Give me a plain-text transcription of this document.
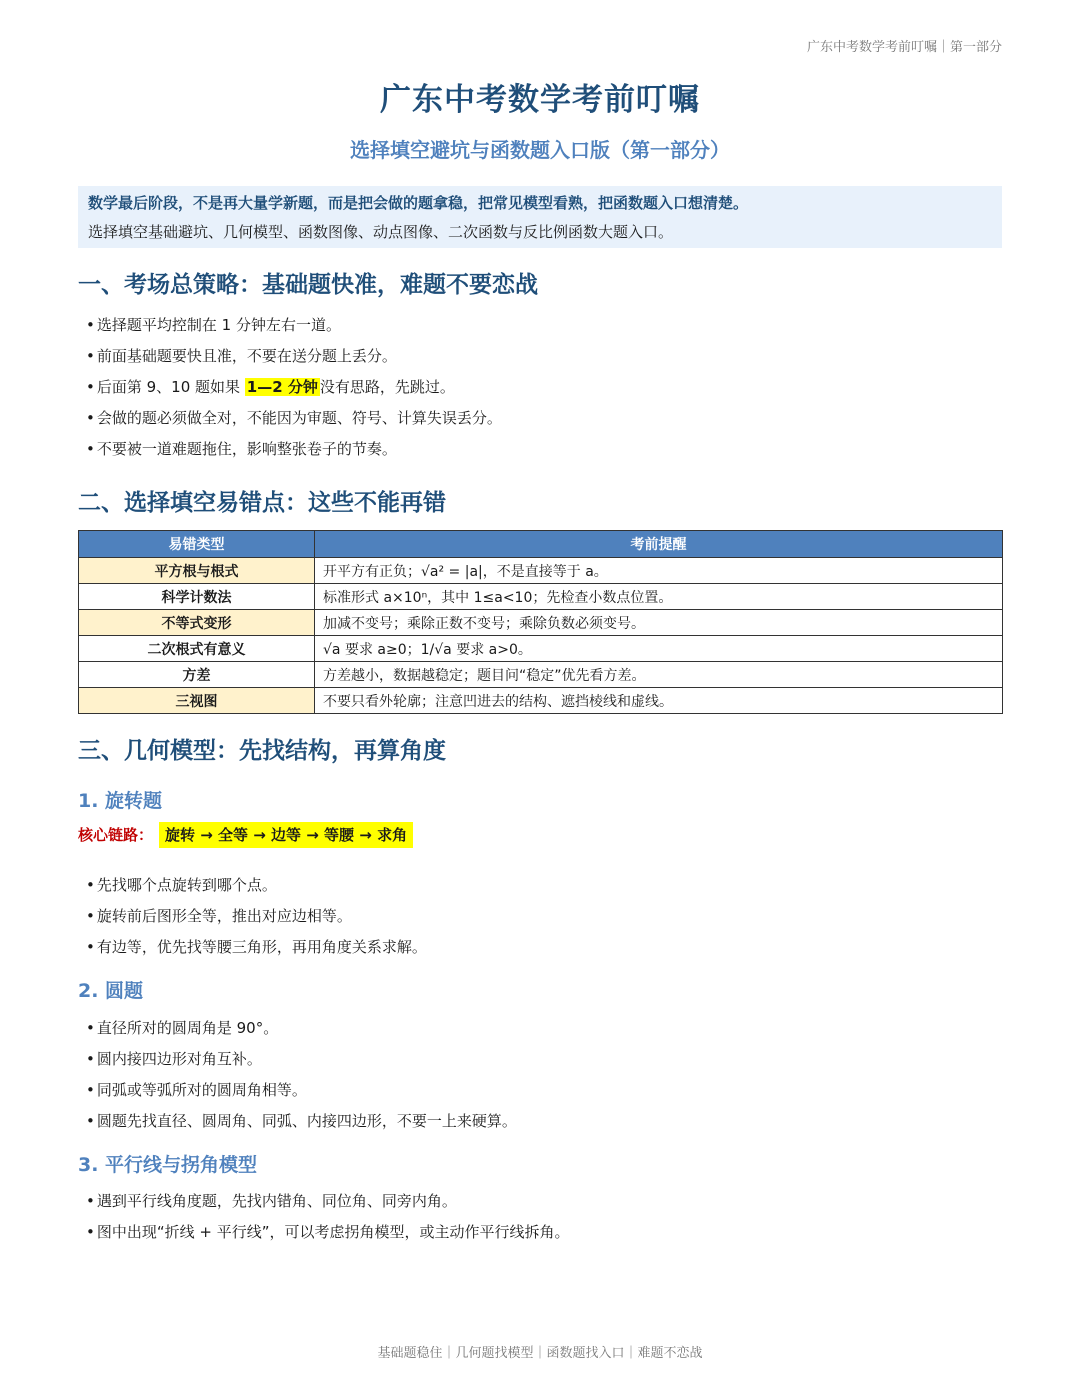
广东中考数学考前叮嘱｜第一部分
广东中考数学考前叮嘱
选择填空避坑与函数题入口版（第一部分）
数学最后阶段，不是再大量学新题，而是把会做的题拿稳，把常见模型看熟，把函数题入口想清楚。
选择填空基础避坑、几何模型、函数图像、动点图像、二次函数与反比例函数大题入口。
一、考场总策略：基础题快准，难题不要恋战
• 选择题平均控制在 1 分钟左右一道。
• 前面基础题要快且准，不要在送分题上丢分。
• 后面第 9、10 题如果 1—2 分钟 没有思路，先跳过。
• 会做的题必须做全对，不能因为审题、符号、计算失误丢分。
• 不要被一道难题拖住，影响整张卷子的节奏。
二、选择填空易错点：这些不能再错
易错类型	考前提醒
平方根与根式	开平方有正负；√a² = |a|，不是直接等于 a。
科学计数法	标准形式 a×10ⁿ，其中 1≤a<10；先检查小数点位置。
不等式变形	加减不变号；乘除正数不变号；乘除负数必须变号。
二次根式有意义	√a 要求 a≥0；1/√a 要求 a>0。
方差	方差越小，数据越稳定；题目问“稳定”优先看方差。
三视图	不要只看外轮廓；注意凹进去的结构、遮挡棱线和虚线。
三、几何模型：先找结构，再算角度
1. 旋转题
核心链路： 旋转 → 全等 → 边等 → 等腰 → 求角
• 先找哪个点旋转到哪个点。
• 旋转前后图形全等，推出对应边相等。
• 有边等，优先找等腰三角形，再用角度关系求解。
2. 圆题
• 直径所对的圆周角是 90°。
• 圆内接四边形对角互补。
• 同弧或等弧所对的圆周角相等。
• 圆题先找直径、圆周角、同弧、内接四边形，不要一上来硬算。
3. 平行线与拐角模型
• 遇到平行线角度题，先找内错角、同位角、同旁内角。
• 图中出现“折线 + 平行线”，可以考虑拐角模型，或主动作平行线拆角。
基础题稳住｜几何题找模型｜函数题找入口｜难题不恋战
